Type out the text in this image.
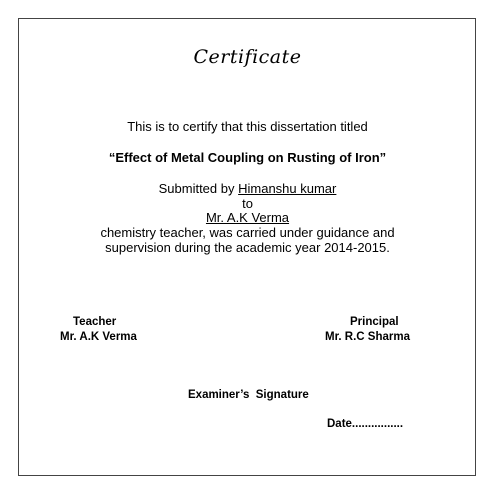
Certificate
This is to certify that this dissertation titled
“Effect of Metal Coupling on Rusting of Iron”
Submitted by Himanshu kumar
to
Mr. A.K Verma
chemistry teacher, was carried under guidance and
supervision during the academic year 2014-2015.
Teacher
Mr. A.K Verma
Principal
Mr. R.C Sharma
Examiner’s  Signature
Date................
